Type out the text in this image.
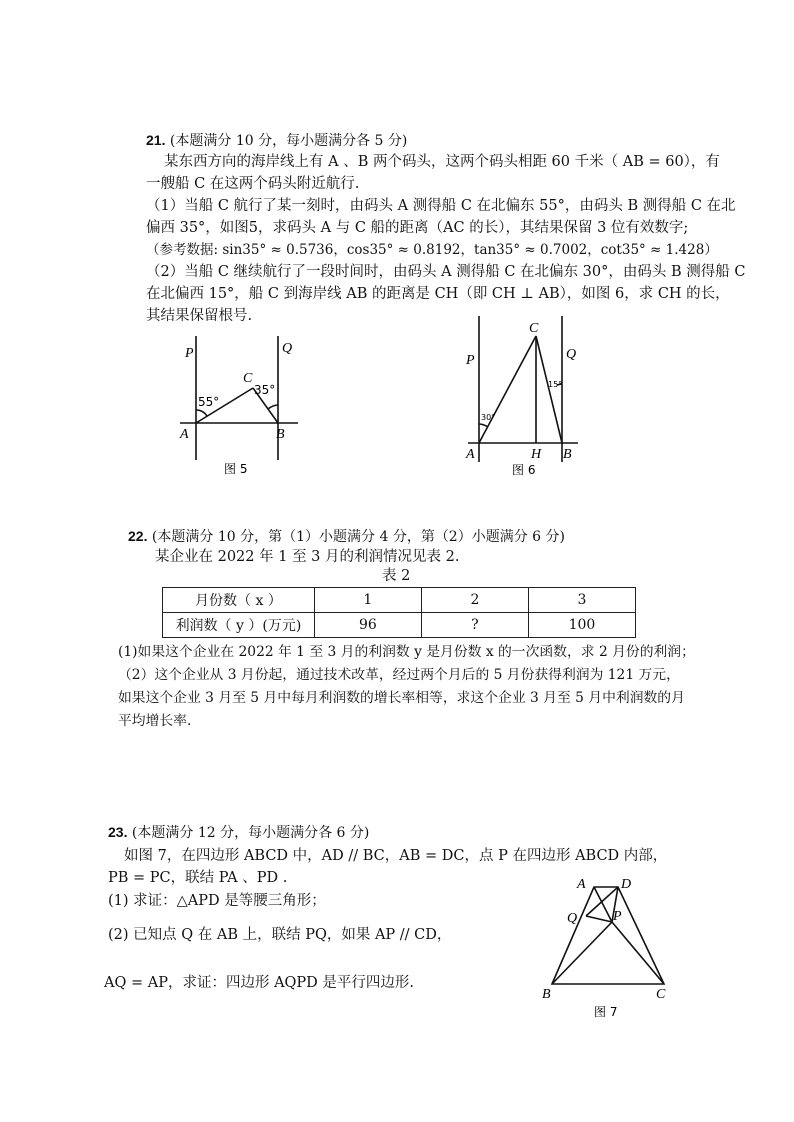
21. (本题满分 10 分，每小题满分各 5 分)
某东西方向的海岸线上有 A 、B 两个码头，这两个码头相距 60 千米（ AB = 60），有
一艘船 C 在这两个码头附近航行.
（1）当船 C 航行了某一刻时，由码头 A 测得船 C 在北偏东 55°，由码头 B 测得船 C 在北
偏西 35°，如图5，求码头 A 与 C 船的距离（AC 的长），其结果保留 3 位有效数字;
（参考数据: sin35° ≈ 0.5736，cos35° ≈ 0.8192，tan35° ≈ 0.7002，cot35° ≈ 1.428）
（2）当船 C 继续航行了一段时间时，由码头 A 测得船 C 在北偏东 30°，由码头 B 测得船 C
在北偏西 15°，船 C 到海岸线 AB 的距离是 CH（即 CH ⊥ AB），如图 6，求 CH 的长，
其结果保留根号.
P	Q
C
A	B
55°
35°
图 5
P	Q
C
A	H B
30°
15°
图 6
22. (本题满分 10 分，第（1）小题满分 4 分，第（2）小题满分 6 分)
某企业在 2022 年 1 至 3 月的利润情况见表 2.
表 2
月份数（ x ）	1	2	3
利润数（ y ）(万元)	96	?	100
(1)如果这个企业在 2022 年 1 至 3 月的利润数 y 是月份数 x 的一次函数，求 2 月份的利润；
（2）这个企业从 3 月份起，通过技术改革，经过两个月后的 5 月份获得利润为 121 万元，
如果这个企业 3 月至 5 月中每月利润数的增长率相等，求这个企业 3 月至 5 月中利润数的月
平均增长率.
23. (本题满分 12 分，每小题满分各 6 分)
如图 7，在四边形 ABCD 中，AD // BC，AB = DC，点 P 在四边形 ABCD 内部，
PB = PC，联结 PA 、PD .
(1) 求证：△APD 是等腰三角形；
(2) 已知点 Q 在 AB 上，联结 PQ，如果 AP // CD，
AQ = AP，求证：四边形 AQPD 是平行四边形.
A	D
Q	P
B	C
图 7
